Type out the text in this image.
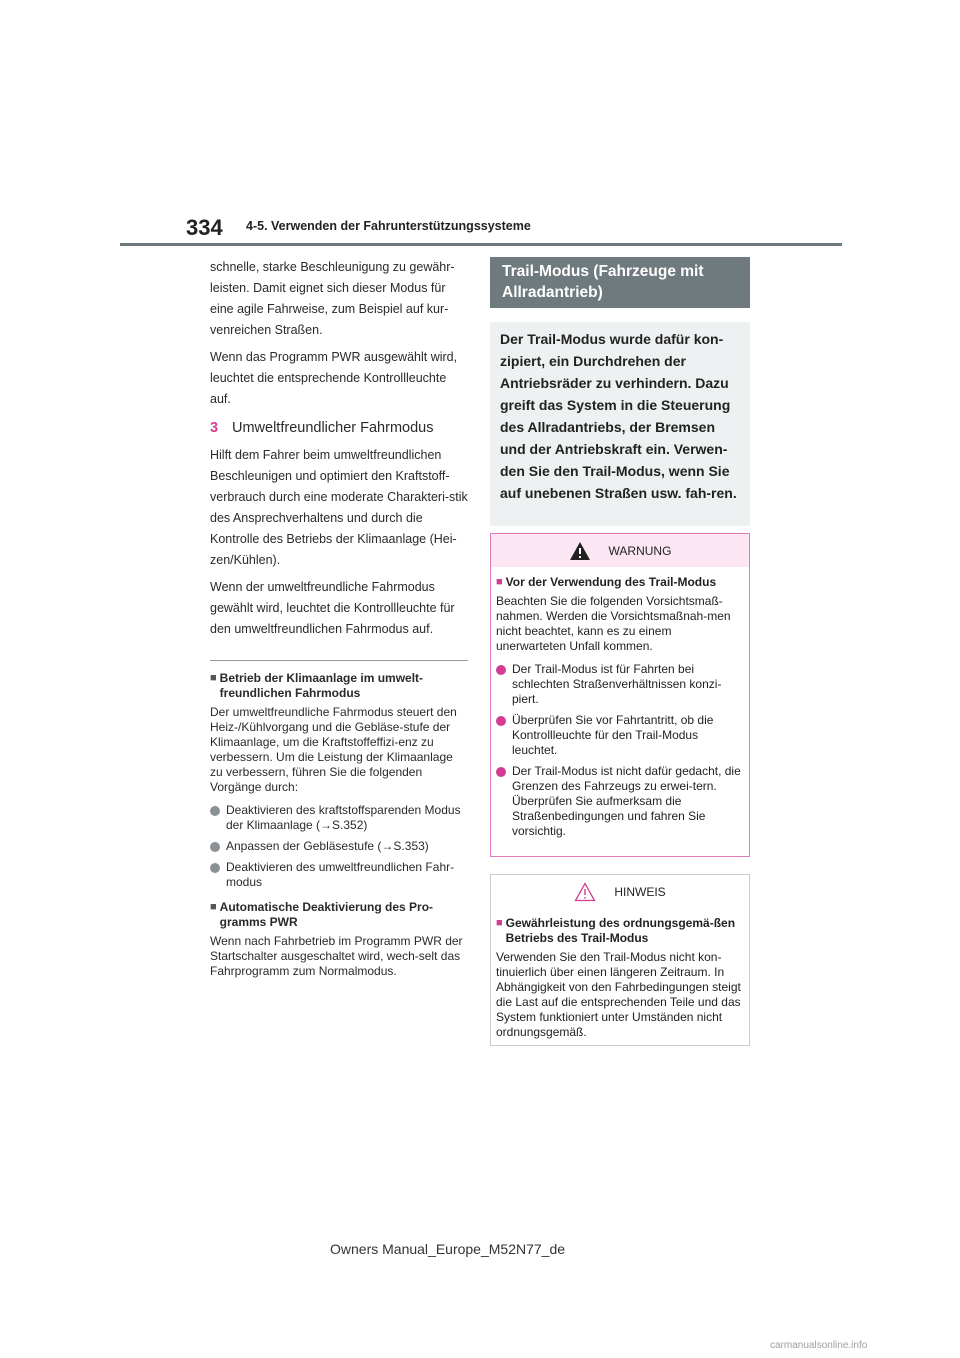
334 4-5. Verwenden der Fahrunterstützungssysteme

schnelle, starke Beschleunigung zu gewähr-leisten. Damit eignet sich dieser Modus für eine agile Fahrweise, zum Beispiel auf kur-venreichen Straßen.

Wenn das Programm PWR ausgewählt wird, leuchtet die entsprechende Kontrollleuchte auf.

3 Umweltfreundlicher Fahrmodus

Hilft dem Fahrer beim umweltfreundlichen Beschleunigen und optimiert den Kraftstoff-verbrauch durch eine moderate Charakteri-stik des Ansprechverhaltens und durch die Kontrolle des Betriebs der Klimaanlage (Hei-zen/Kühlen).

Wenn der umweltfreundliche Fahrmodus gewählt wird, leuchtet die Kontrollleuchte für den umweltfreundlichen Fahrmodus auf.

■ Betrieb der Klimaanlage im umwelt-freundlichen Fahrmodus
Der umweltfreundliche Fahrmodus steuert den Heiz-/Kühlvorgang und die Gebläse-stufe der Klimaanlage, um die Kraftstoffeffizi-enz zu verbessern. Um die Leistung der Klimaanlage zu verbessern, führen Sie die folgenden Vorgänge durch:
Deaktivieren des kraftstoffsparenden Modus der Klimaanlage (→S.352)
Anpassen der Gebläsestufe (→S.353)
Deaktivieren des umweltfreundlichen Fahr-modus
■ Automatische Deaktivierung des Pro-gramms PWR
Wenn nach Fahrbetrieb im Programm PWR der Startschalter ausgeschaltet wird, wech-selt das Fahrprogramm zum Normalmodus.
Trail-Modus (Fahrzeuge mit Allradantrieb)
Der Trail-Modus wurde dafür kon-zipiert, ein Durchdrehen der Antriebsräder zu verhindern. Dazu greift das System in die Steuerung des Allradantriebs, der Bremsen und der Antriebskraft ein. Verwen-den Sie den Trail-Modus, wenn Sie auf unebenen Straßen usw. fah-ren.
WARNUNG
■ Vor der Verwendung des Trail-Modus
Beachten Sie die folgenden Vorsichtsmaß-nahmen. Werden die Vorsichtsmaßnah-men nicht beachtet, kann es zu einem unerwarteten Unfall kommen.
Der Trail-Modus ist für Fahrten bei schlechten Straßenverhältnissen konzi-piert.
Überprüfen Sie vor Fahrtantritt, ob die Kontrollleuchte für den Trail-Modus leuchtet.
Der Trail-Modus ist nicht dafür gedacht, die Grenzen des Fahrzeugs zu erwei-tern. Überprüfen Sie aufmerksam die Straßenbedingungen und fahren Sie vorsichtig.
HINWEIS
■ Gewährleistung des ordnungsgemä-ßen Betriebs des Trail-Modus
Verwenden Sie den Trail-Modus nicht kon-tinuierlich über einen längeren Zeitraum. In Abhängigkeit von den Fahrbedingungen steigt die Last auf die entsprechenden Teile und das System funktioniert unter Umständen nicht ordnungsgemäß.
Owners Manual_Europe_M52N77_de
carmanualsonline.info
